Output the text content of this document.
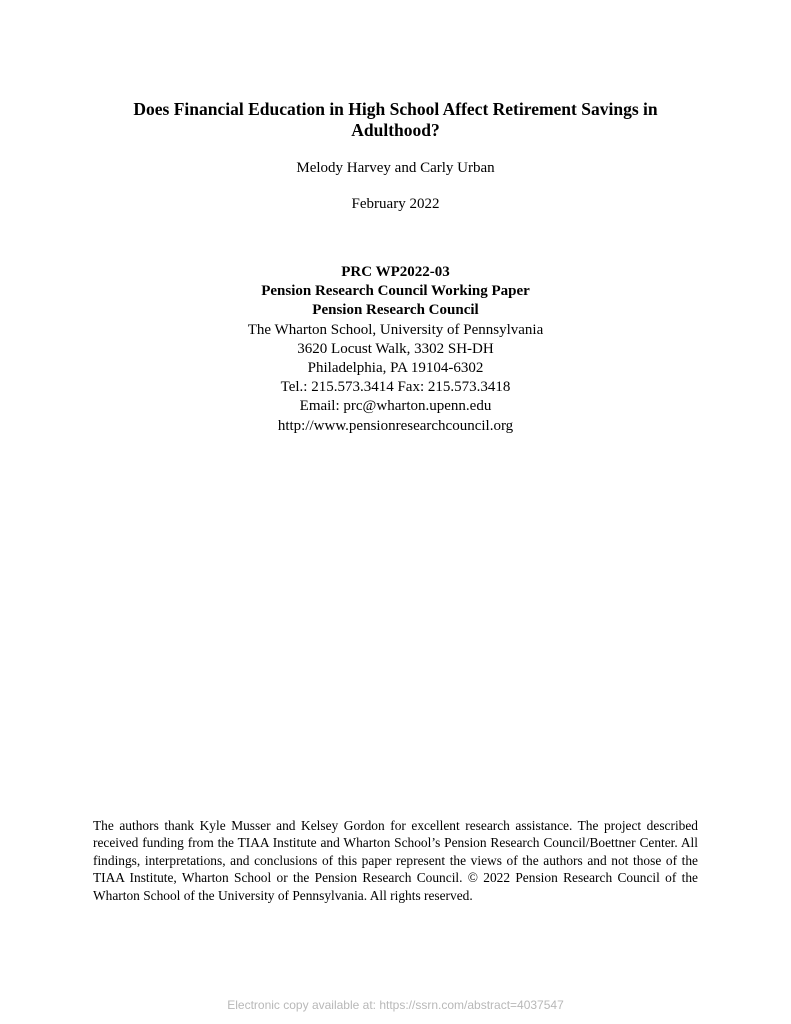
Does Financial Education in High School Affect Retirement Savings in Adulthood?
Melody Harvey and Carly Urban
February 2022
PRC WP2022-03
Pension Research Council Working Paper
Pension Research Council
The Wharton School, University of Pennsylvania
3620 Locust Walk, 3302 SH-DH
Philadelphia, PA 19104-6302
Tel.: 215.573.3414 Fax: 215.573.3418
Email: prc@wharton.upenn.edu
http://www.pensionresearchcouncil.org
The authors thank Kyle Musser and Kelsey Gordon for excellent research assistance. The project described received funding from the TIAA Institute and Wharton School’s Pension Research Council/Boettner Center. All findings, interpretations, and conclusions of this paper represent the views of the authors and not those of the TIAA Institute, Wharton School or the Pension Research Council. © 2022 Pension Research Council of the Wharton School of the University of Pennsylvania. All rights reserved.
Electronic copy available at: https://ssrn.com/abstract=4037547
